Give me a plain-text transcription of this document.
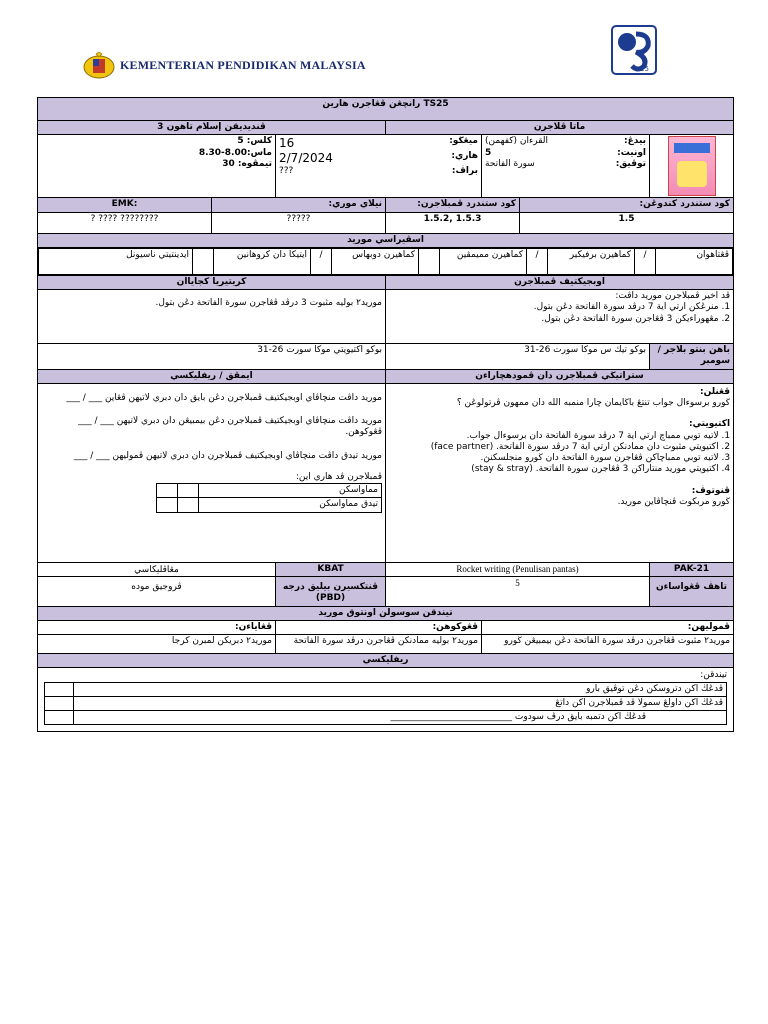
KEMENTERIAN PENDIDIKAN MALAYSIA	25
رانچڠن ڤڠاجرن هارين TS25
ڤنديديقن إسلام تاهون 3	ماتا ڤلاجرن

كلس: 5
ماس:8.00-8.30
تيمڤوه: 30

ميڠڬو:
16
هاري:
2/7/2024
براڤ:
???

بيدڠ:
القرءان (كفهمن)
اونيت:
5
توڤيق:
سورة الفاتحة

EMK:	نيلاي موري:	كود ستندرد ڤمبلاجرن:	كود ستندرد كندوڠن:
? ???? ????????	?????	1.5.2, 1.5.3	1.5
اسڤيراسي موريد

ڤڠتاهوان	/	كماهيرن برفيكير	/	كماهيرن ممیمڤين		كماهيرن دوبهاس	/	ايتيكا دان كروهانين		ايدينتيتي ناسيونل

كريتيريا كجاياان	اوبجيكتيف ڤمبلاجرن
موريد٢ بوليه مثبوت 3 درڤد ڤڠاجرن سورة الفاتحة دڠن بتول.	
ڤد اخير ڤمبلاجرن موريد داڤت:
1. منرڠكن ارتي اية 7 درڤد سورة الفاتحة دڠن بتول.
2. مڠهوراءيكن 3 ڤڠاجرن سورة الفاتحة دڠن بتول.

بوكو اكتيويتي موكا سورت 26-31	بوكو تيك س موكا سورت 26-31	باهن بنتو بلاجر / سومبر
ايمڤق / ريفليكسي	ستراتيڬي ڤمبلاجرن دان ڤمودهچاراءن

موريد داڤت منچاڤاي اوبجيكتيف ڤمبلاجرن دڠن بايق دان دبري لاتيهن ڤڠاين ___ / ___
موريد داڤت منچاڤاي اوبجيكتيف ڤمبلاجرن دڠن بيمبيڠن دان دبري لاتيهن ___ / ___ ڤڠوكوهن.
موريد تيدق داڤت منچاڤاي اوبجيكتيف ڤمبلاجرن دان دبري لاتيهن ڤموليهن ___ / ___
ڤمبلاجرن ڤد هاري اين:
مماواسكن		
تيدق مماواسكن		

ڤڠنلن:
ڬورو برسوءال جواب تنتڠ باڬايمان چارا منمبه الله دان ممهون ڤرتولوڠن ؟
اكتيويتي:
1. لاتيه توبي ممباچ ارتي اية 7 درڤد سورة الفاتحة دان برسوءال جواب.
2. اكتيويتي مثبوت دان ممادنكن ارتي اية 7 درڤد سورة الفاتحة. (face partner)
3. لاتيه توبي ممباچاكن ڤڠاجرن سورة الفاتحة دان ڬورو منجلسكنڽ.
4. اكتيويتي موريد منتاراكن 3 ڤڠاجرن سورة الفاتحة. (stay & stray)
ڤنوتوڤ:
ڬورو مربكوت ڤنچاڤاين موريد.

مڠاڤليكاسي	KBAT	Rocket writing (Penulisan pantas)	PAK-21
ڤروجيق موده	ڤنتكسيرن بيليق درجه (PBD)	5	تاهڤ ڤڠواساءن
تيندقن سوسولن اونتوق موريد
ڤڠاياءن:	ڤڠوكوهن:	ڤموليهن:
موريد٢ دبريكن لمبرن كرجا	موريد٢ بوليه ممادنكن ڤڠاجرن درڤد سورة الفاتحة	موريد٢ مثبوت ڤڠاجرن درڤد سورة الفاتحة دڠن بيمبيڠن ڬورو
ريفليكسي

تيندقن:
ڤدڠڬ اكن دتروسكن دڠن توڤيق بارو	
ڤدڠڬ اكن داولڠ سمولا ڤد ڤمبلاجرن اكن داتڠ	
ڤدڠڬ اكن دتمبه بايق درڤ سودوت ___________________________	
